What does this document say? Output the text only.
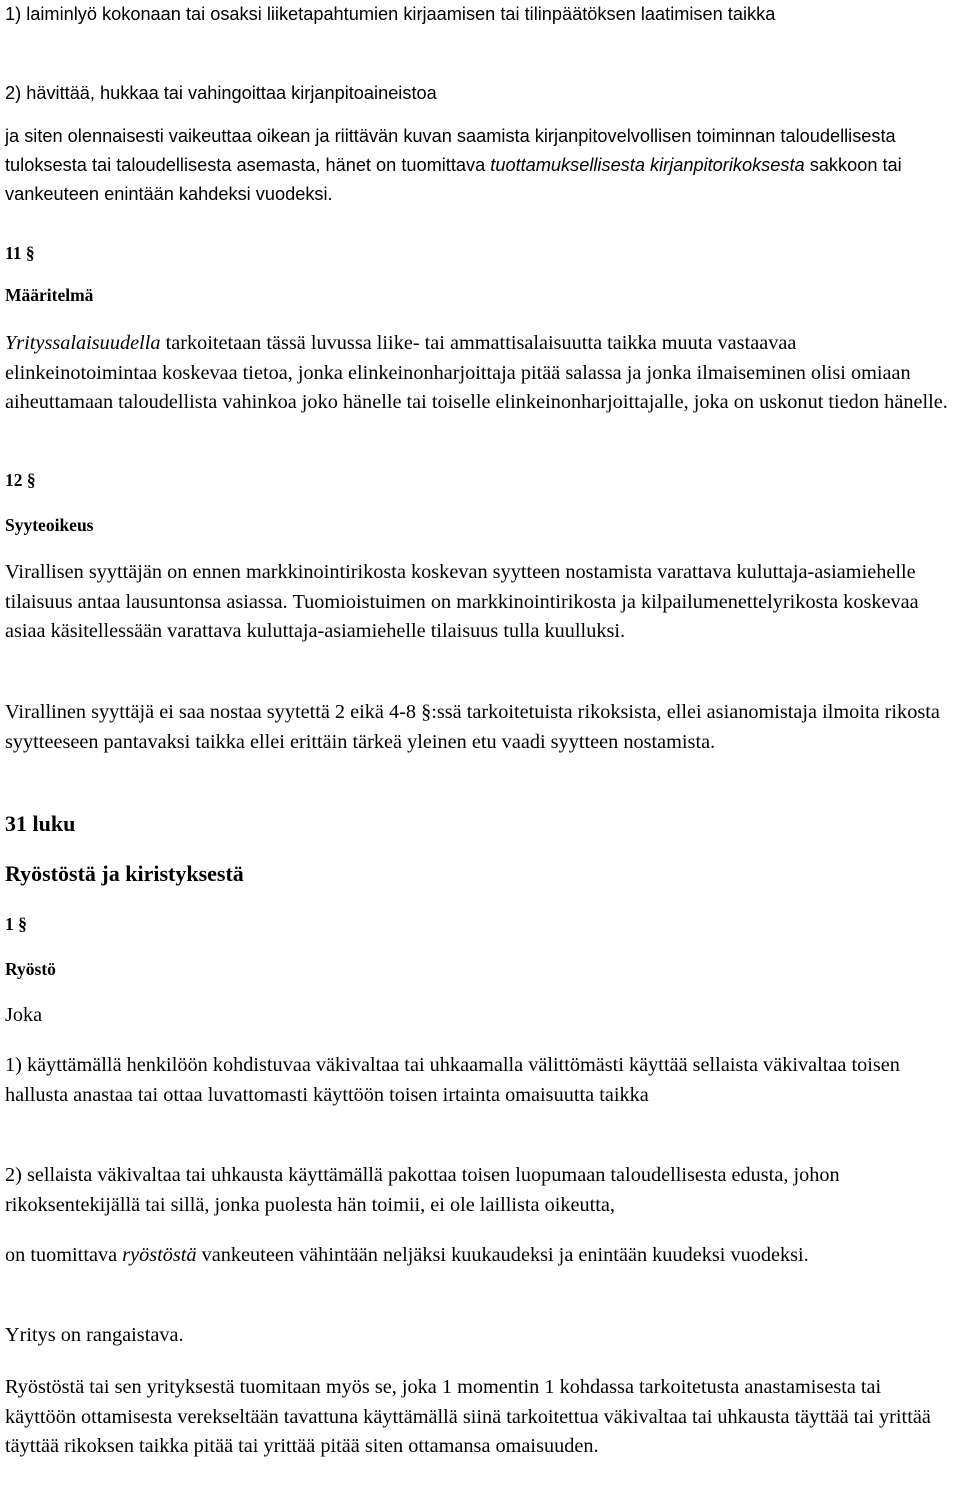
1) laiminlyö kokonaan tai osaksi liiketapahtumien kirjaamisen tai tilinpäätöksen laatimisen taikka

2) hävittää, hukkaa tai vahingoittaa kirjanpitoaineistoa

ja siten olennaisesti vaikeuttaa oikean ja riittävän kuvan saamista kirjanpitovelvollisen toiminnan taloudellisesta tuloksesta tai taloudellisesta asemasta, hänet on tuomittava tuottamuksellisesta kirjanpitorikoksesta sakkoon tai vankeuteen enintään kahdeksi vuodeksi.

11 §
Määritelmä

Yrityssalaisuudella tarkoitetaan tässä luvussa liike- tai ammattisalaisuutta taikka muuta vastaavaa elinkeinotoimintaa koskevaa tietoa, jonka elinkeinonharjoittaja pitää salassa ja jonka ilmaiseminen olisi omiaan aiheuttamaan taloudellista vahinkoa joko hänelle tai toiselle elinkeinonharjoittajalle, joka on uskonut tiedon hänelle.

12 §
Syyteoikeus

Virallisen syyttäjän on ennen markkinointirikosta koskevan syytteen nostamista varattava kuluttaja-asiamiehelle tilaisuus antaa lausuntonsa asiassa. Tuomioistuimen on markkinointirikosta ja kilpailumenettelyrikosta koskevaa asiaa käsitellessään varattava kuluttaja-asiamiehelle tilaisuus tulla kuulluksi.

Virallinen syyttäjä ei saa nostaa syytettä 2 eikä 4-8 §:ssä tarkoitetuista rikoksista, ellei asianomistaja ilmoita rikosta syytteeseen pantavaksi taikka ellei erittäin tärkeä yleinen etu vaadi syytteen nostamista.

31 luku
Ryöstöstä ja kiristyksestä
1 §
Ryöstö

Joka

1) käyttämällä henkilöön kohdistuvaa väkivaltaa tai uhkaamalla välittömästi käyttää sellaista väkivaltaa toisen hallusta anastaa tai ottaa luvattomasti käyttöön toisen irtainta omaisuutta taikka

2) sellaista väkivaltaa tai uhkausta käyttämällä pakottaa toisen luopumaan taloudellisesta edusta, johon rikoksentekijällä tai sillä, jonka puolesta hän toimii, ei ole laillista oikeutta,

on tuomittava ryöstöstä vankeuteen vähintään neljäksi kuukaudeksi ja enintään kuudeksi vuodeksi.

Yritys on rangaistava.

Ryöstöstä tai sen yrityksestä tuomitaan myös se, joka 1 momentin 1 kohdassa tarkoitetusta anastamisesta tai käyttöön ottamisesta verekseltään tavattuna käyttämällä siinä tarkoitettua väkivaltaa tai uhkausta täyttää tai yrittää täyttää rikoksen taikka pitää tai yrittää pitää siten ottamansa omaisuuden.
